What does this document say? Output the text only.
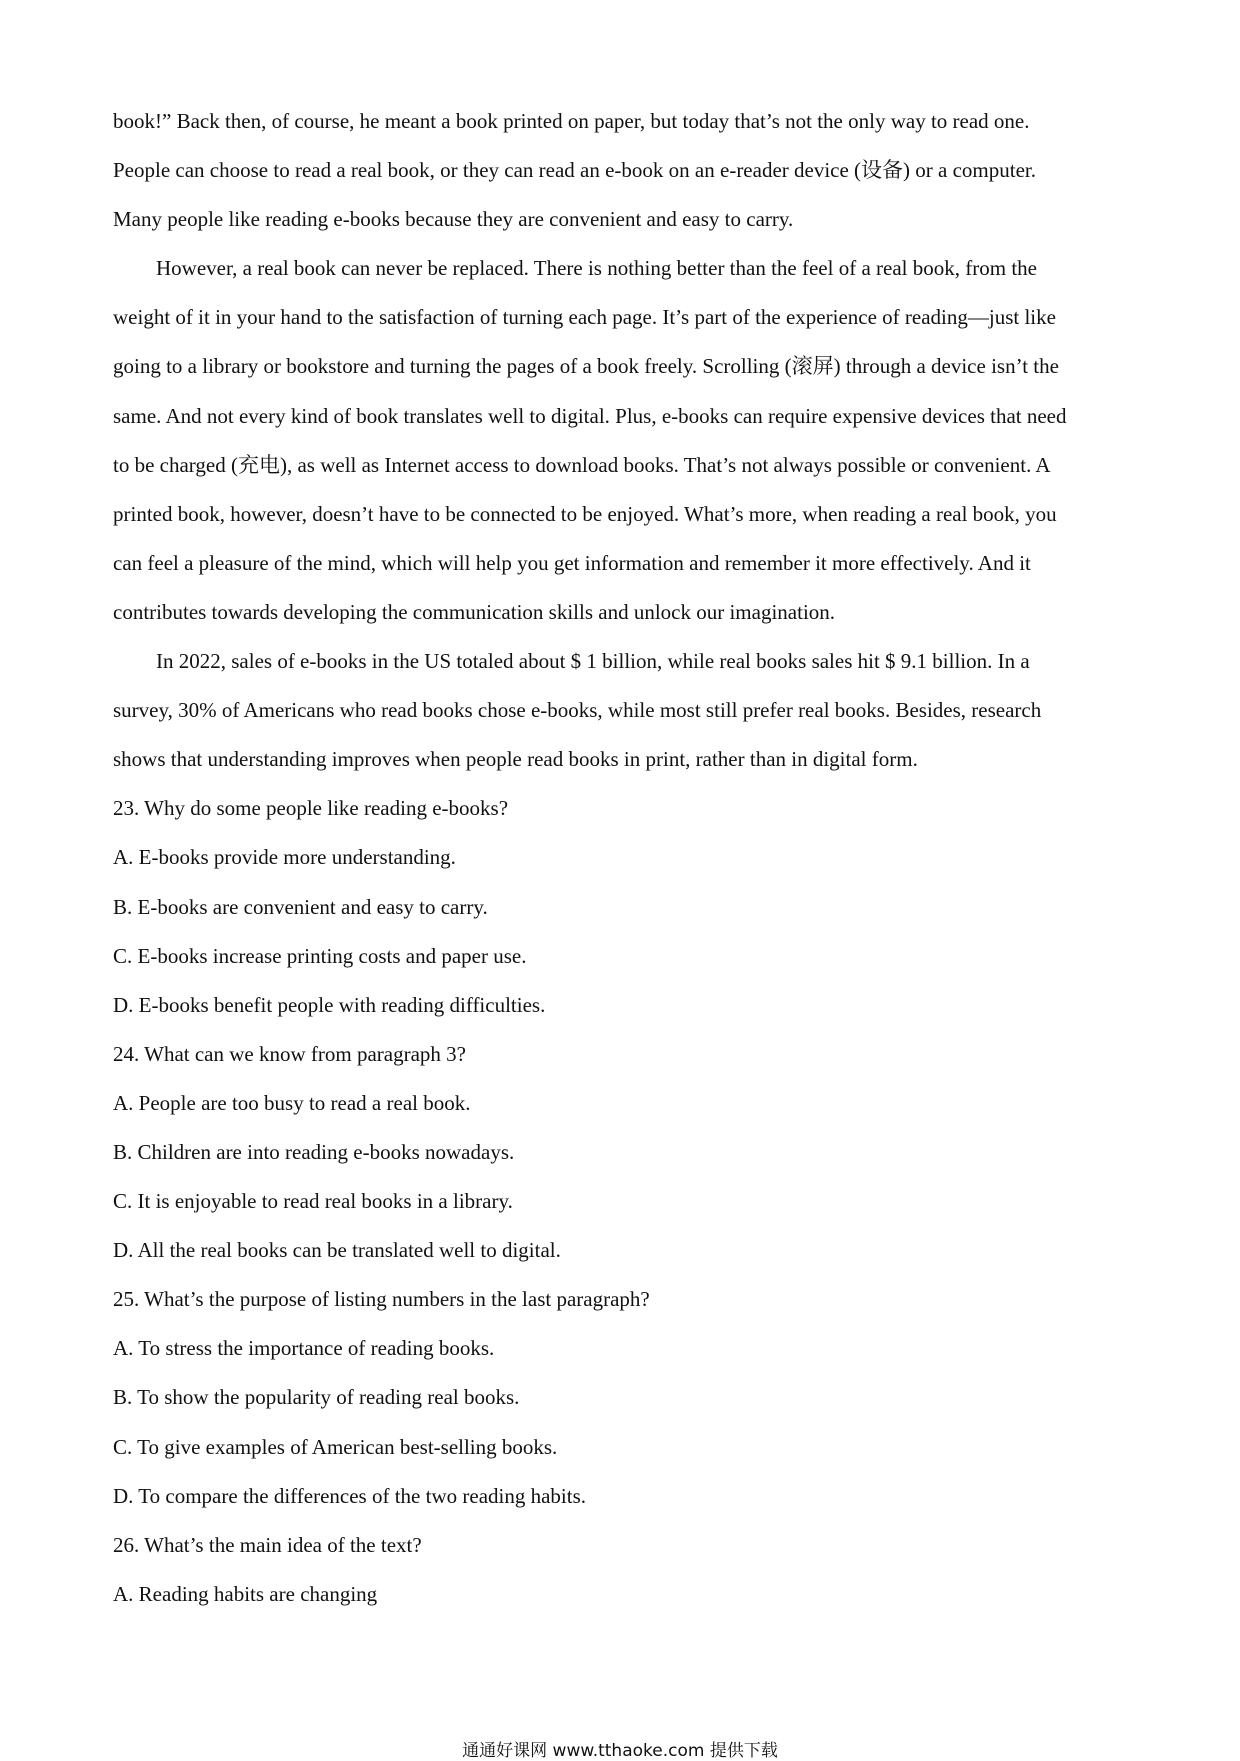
book!” Back then, of course, he meant a book printed on paper, but today that’s not the only way to read one.

People can choose to read a real book, or they can read an e-book on an e-reader device (设备) or a computer.

Many people like reading e-books because they are convenient and easy to carry.

However, a real book can never be replaced. There is nothing better than the feel of a real book, from the

weight of it in your hand to the satisfaction of turning each page. It’s part of the experience of reading—just like

going to a library or bookstore and turning the pages of a book freely. Scrolling (滚屏) through a device isn’t the

same. And not every kind of book translates well to digital. Plus, e-books can require expensive devices that need

to be charged (充电), as well as Internet access to download books. That’s not always possible or convenient. A

printed book, however, doesn’t have to be connected to be enjoyed. What’s more, when reading a real book, you

can feel a pleasure of the mind, which will help you get information and remember it more effectively. And it

contributes towards developing the communication skills and unlock our imagination.

In 2022, sales of e-books in the US totaled about $ 1 billion, while real books sales hit $ 9.1 billion. In a

survey, 30% of Americans who read books chose e-books, while most still prefer real books. Besides, research

shows that understanding improves when people read books in print, rather than in digital form.

23. Why do some people like reading e-books?

A. E-books provide more understanding.

B. E-books are convenient and easy to carry.

C. E-books increase printing costs and paper use.

D. E-books benefit people with reading difficulties.

24. What can we know from paragraph 3?

A. People are too busy to read a real book.

B. Children are into reading e-books nowadays.

C. It is enjoyable to read real books in a library.

D. All the real books can be translated well to digital.

25. What’s the purpose of listing numbers in the last paragraph?

A. To stress the importance of reading books.

B. To show the popularity of reading real books.

C. To give examples of American best-selling books.

D. To compare the differences of the two reading habits.

26. What’s the main idea of the text?

A. Reading habits are changing

通通好课网 www.tthaoke.com 提供下载
